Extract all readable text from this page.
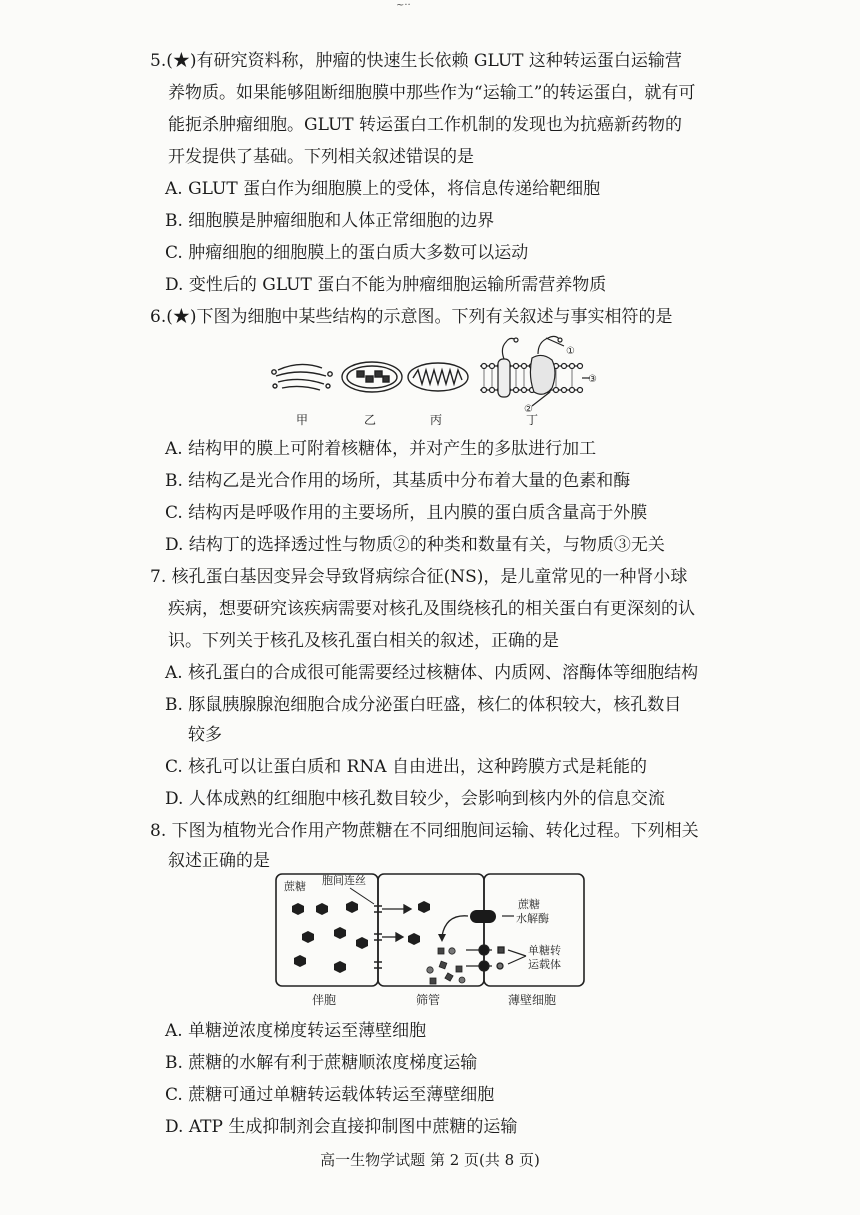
~··
5.(★)有研究资料称，肿瘤的快速生长依赖 GLUT 这种转运蛋白运输营
养物质。如果能够阻断细胞膜中那些作为“运输工”的转运蛋白，就有可
能扼杀肿瘤细胞。GLUT 转运蛋白工作机制的发现也为抗癌新药物的
开发提供了基础。下列相关叙述错误的是
A. GLUT 蛋白作为细胞膜上的受体，将信息传递给靶细胞
B. 细胞膜是肿瘤细胞和人体正常细胞的边界
C. 肿瘤细胞的细胞膜上的蛋白质大多数可以运动
D. 变性后的 GLUT 蛋白不能为肿瘤细胞运输所需营养物质
6.(★)下图为细胞中某些结构的示意图。下列有关叙述与事实相符的是
①
②
③
甲	乙	丙	丁
A. 结构甲的膜上可附着核糖体，并对产生的多肽进行加工
B. 结构乙是光合作用的场所，其基质中分布着大量的色素和酶
C. 结构丙是呼吸作用的主要场所，且内膜的蛋白质含量高于外膜
D. 结构丁的选择透过性与物质②的种类和数量有关，与物质③无关
7. 核孔蛋白基因变异会导致肾病综合征(NS)，是儿童常见的一种肾小球
疾病，想要研究该疾病需要对核孔及围绕核孔的相关蛋白有更深刻的认
识。下列关于核孔及核孔蛋白相关的叙述，正确的是
A. 核孔蛋白的合成很可能需要经过核糖体、内质网、溶酶体等细胞结构
B. 豚鼠胰腺腺泡细胞合成分泌蛋白旺盛，核仁的体积较大，核孔数目
较多
C. 核孔可以让蛋白质和 RNA 自由进出，这种跨膜方式是耗能的
D. 人体成熟的红细胞中核孔数目较少，会影响到核内外的信息交流
8. 下图为植物光合作用产物蔗糖在不同细胞间运输、转化过程。下列相关
叙述正确的是
蔗糖 胞间连丝
蔗糖
水解酶
单糖转
运载体
伴胞	筛管	薄壁细胞
A. 单糖逆浓度梯度转运至薄壁细胞
B. 蔗糖的水解有利于蔗糖顺浓度梯度运输
C. 蔗糖可通过单糖转运载体转运至薄壁细胞
D. ATP 生成抑制剂会直接抑制图中蔗糖的运输
高一生物学试题 第 2 页(共 8 页)
